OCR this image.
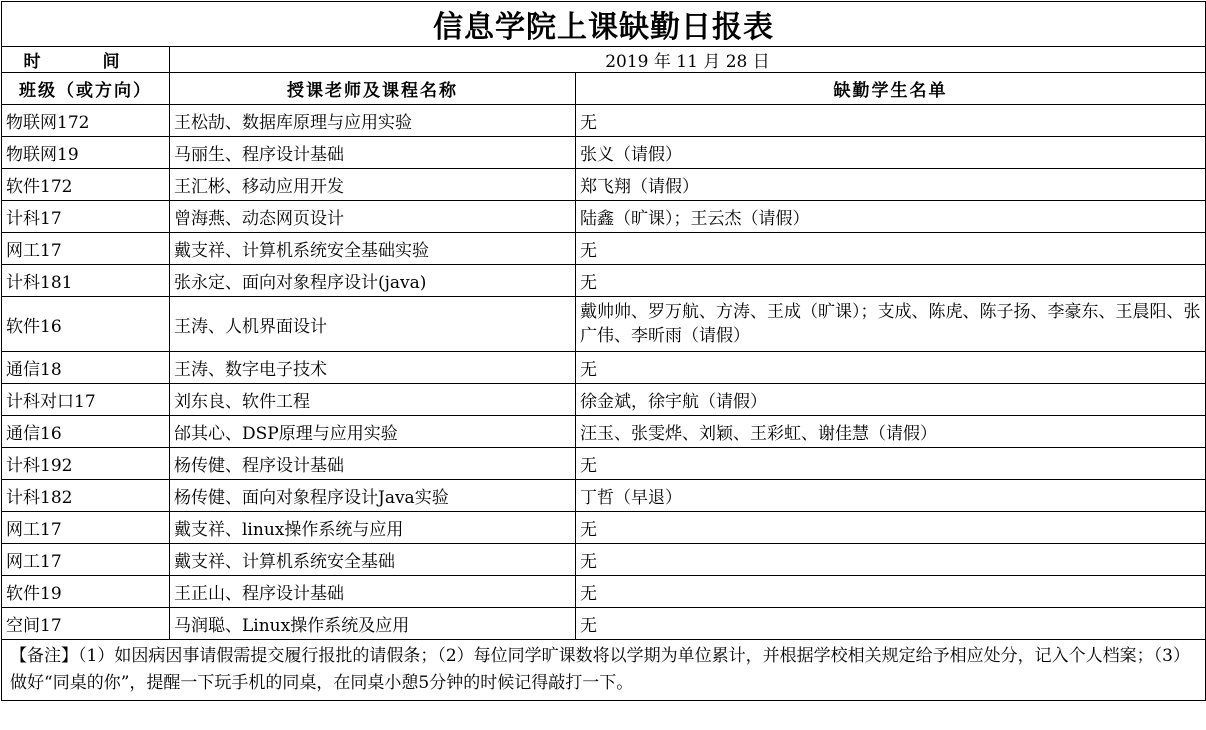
信息学院上课缺勤日报表		
时 间	2019 年 11 月 28 日	
班级（或方向）	授课老师及课程名称	缺勤学生名单
物联网172	王松劼、数据库原理与应用实验	无
物联网19	马丽生、程序设计基础	张义（请假）
软件172	王汇彬、移动应用开发	郑飞翔（请假）
计科17	曾海燕、动态网页设计	陆鑫（旷课）；王云杰（请假）
网工17	戴支祥、计算机系统安全基础实验	无
计科181	张永定、面向对象程序设计(java)	无
软件16	王涛、人机界面设计	戴帅帅、罗万航、方涛、王成（旷课）；支成、陈虎、陈子扬、李豪东、王晨阳、张广伟、李昕雨（请假）
通信18	王涛、数字电子技术	无
计科对口17	刘东良、软件工程	徐金斌，徐宇航（请假）
通信16	邰其心、DSP原理与应用实验	汪玉、张雯烨、刘颖、王彩虹、谢佳慧（请假）
计科192	杨传健、程序设计基础	无
计科182	杨传健、面向对象程序设计Java实验	丁哲（早退）
网工17	戴支祥、linux操作系统与应用	无
网工17	戴支祥、计算机系统安全基础	无
软件19	王正山、程序设计基础	无
空间17	马润聪、Linux操作系统及应用	无
【备注】（1）如因病因事请假需提交履行报批的请假条；（2）每位同学旷课数将以学期为单位累计，并根据学校相关规定给予相应处分，记入个人档案；（3）做好“同桌的你”，提醒一下玩手机的同桌，在同桌小憩5分钟的时候记得敲打一下。		
